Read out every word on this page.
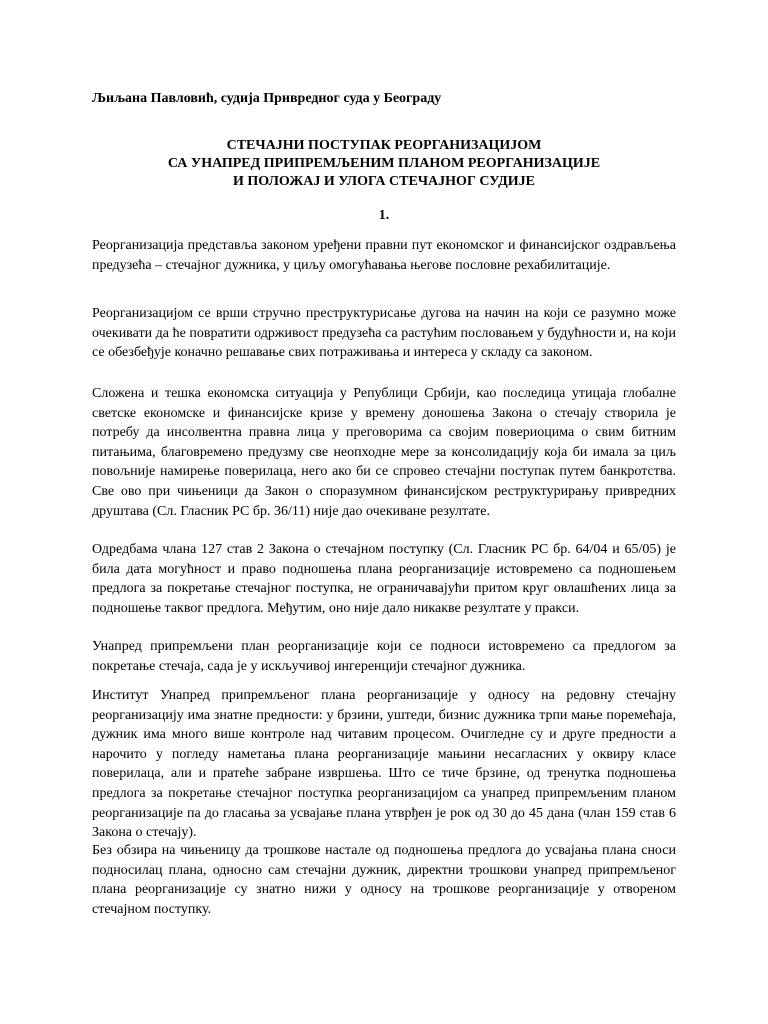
Љиљана Павловић, судија Привредног суда у Београду
СТЕЧАЈНИ ПОСТУПАК РЕОРГАНИЗАЦИЈОМ
СА УНАПРЕД ПРИПРЕМЉЕНИМ ПЛАНОМ РЕОРГАНИЗАЦИЈЕ
И ПОЛОЖАЈ И УЛОГА СТЕЧАЈНОГ СУДИЈЕ
1.

Реорганизација представља законом уређени правни пут економског и финансијског оздрављења предузећа – стечајног дужника, у циљу омогућавања његове пословне рехабилитације.

Реорганизацијом се врши стручно преструктурисање дугова на начин на који се разумно може очекивати да ће повратити одрживост предузећа са растућим пословањем у будућности и, на који се обезбеђује коначно решавање свих потраживања и интереса у складу са законом.

Сложена и тешка економска ситуација у Републици Србији, као последица утицаја глобалне светске економске и финансијске кризе у времену доношења Закона о стечају створила је потребу да инсолвентна правна лица у преговорима са својим повериоцима о свим битним питањима, благовремено предузму све неопходне мере за консолидацију која би имала за циљ повољније намирење поверилаца, него ако би се спровео стечајни поступак путем банкротства. Све ово при чињеници да Закон о споразумном финансијском реструктурирању привредних друштава (Сл. Гласник РС бр. 36/11) није дао очекиване резултате.

Одредбама члана 127 став 2 Закона о стечајном поступку (Сл. Гласник РС бр. 64/04 и 65/05) је била дата могућност и право подношења плана реорганизације истовремено са подношењем предлога за покретање стечајног поступка, не ограничавајући притом круг овлашћених лица за подношење таквог предлога. Међутим, оно није дало никакве резултате у пракси.

Унапред припремљени план реорганизације који се подноси истовремено са предлогом за покретање стечаја, сада је у искључивој ингеренцији стечајног дужника.

Институт Унапред припремљеног плана реорганизације у односу на редовну стечајну реорганизацију има знатне предности: у брзини, уштеди, бизнис дужника трпи мање поремећаја, дужник има много више контроле над читавим процесом. Очигледне су и друге предности а нарочито у погледу наметања плана реорганизације мањини несагласних у оквиру класе поверилаца, али и пратеће забране извршења. Што се тиче брзине, од тренутка подношења предлога за покретање стечајног поступка реорганизацијом са унапред припремљеним планом реорганизације па до гласања за усвајање плана утврђен је рок од 30 до 45 дана (члан 159 став 6 Закона о стечају).

Без обзира на чињеницу да трошкове настале од подношења предлога до усвајања плана сноси подносилац плана, односно сам стечајни дужник, директни трошкови унапред припремљеног плана реорганизације су знатно нижи у односу на трошкове реорганизације у отвореном стечајном поступку.
